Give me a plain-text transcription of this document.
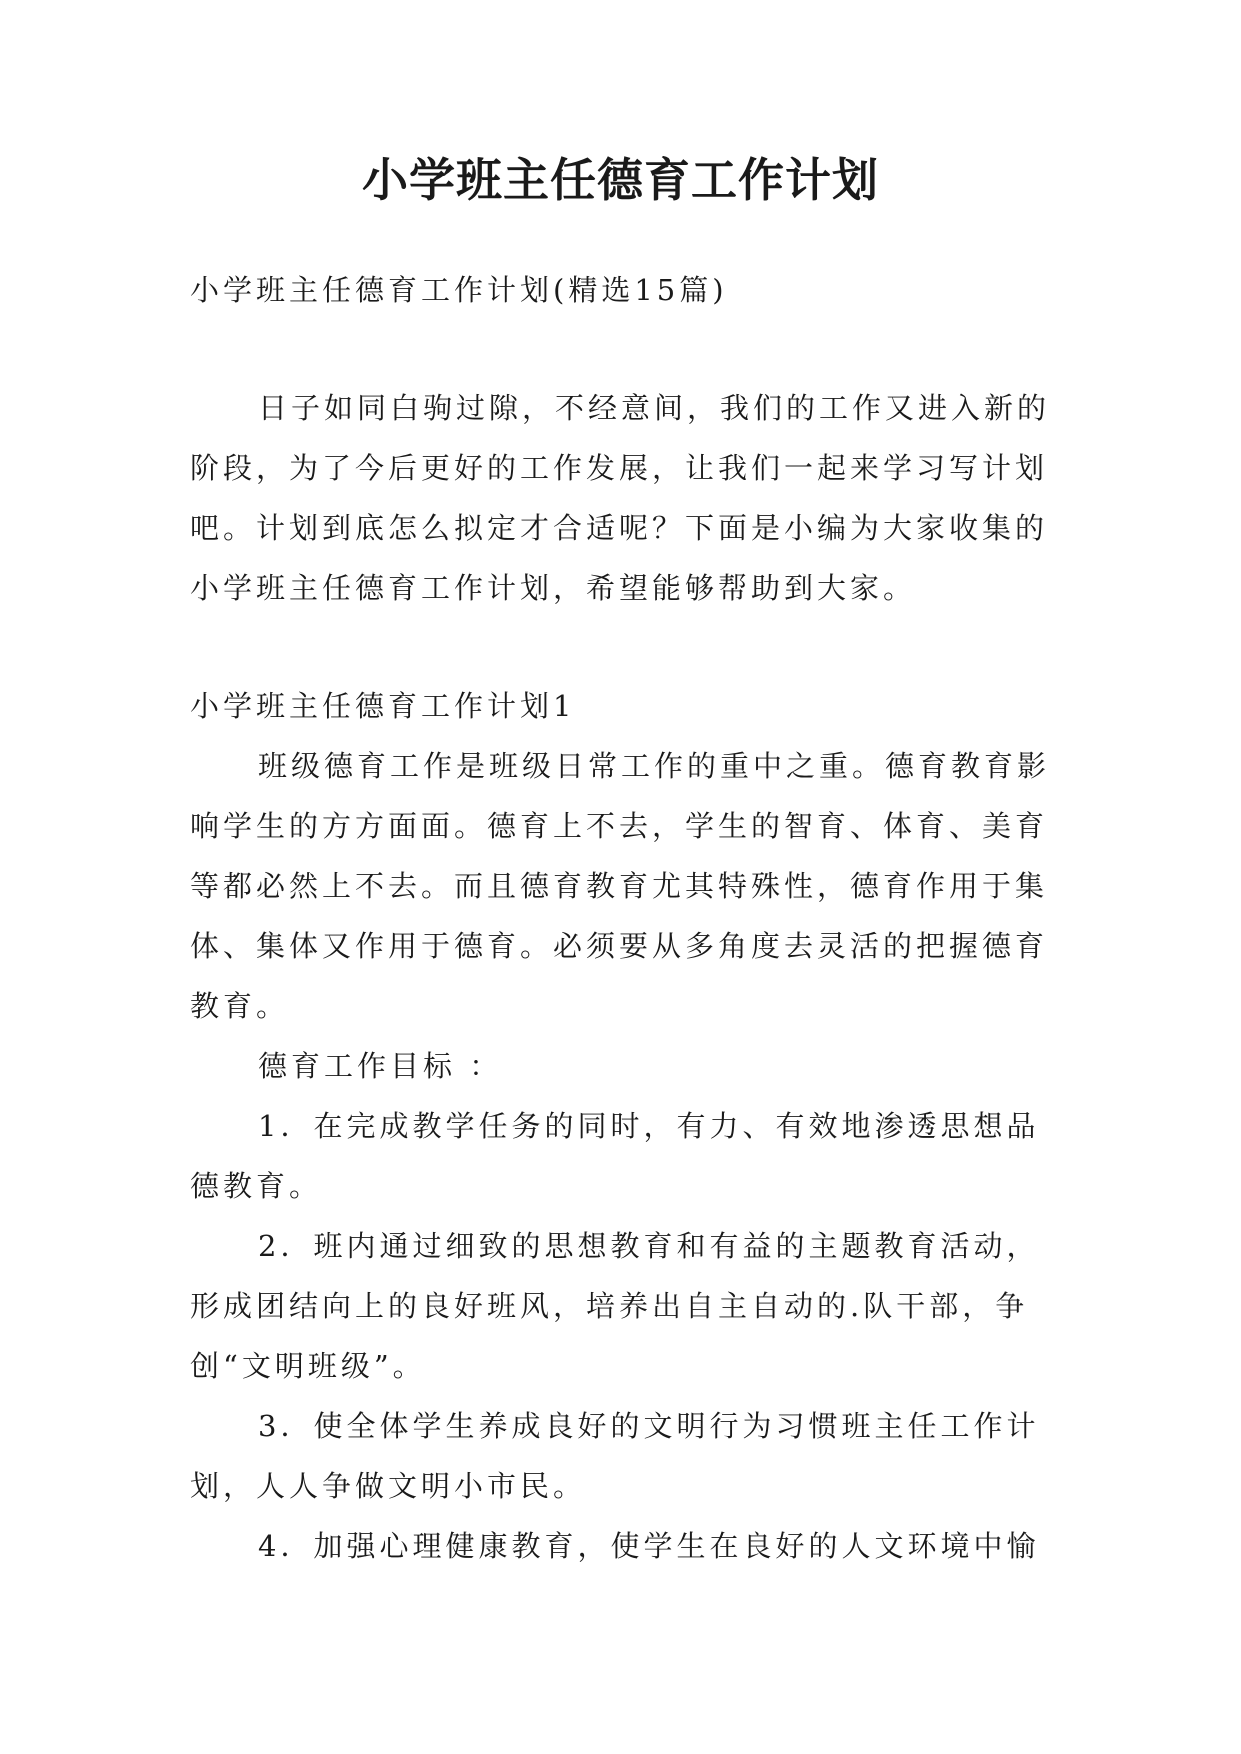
小学班主任德育工作计划

小学班主任德育工作计划(精选15篇)

日子如同白驹过隙，不经意间，我们的工作又进入新的

阶段，为了今后更好的工作发展，让我们一起来学习写计划

吧。计划到底怎么拟定才合适呢？下面是小编为大家收集的

小学班主任德育工作计划，希望能够帮助到大家。

小学班主任德育工作计划1

班级德育工作是班级日常工作的重中之重。德育教育影

响学生的方方面面。德育上不去，学生的智育、体育、美育

等都必然上不去。而且德育教育尤其特殊性，德育作用于集

体、集体又作用于德育。必须要从多角度去灵活的把握德育

教育。

德育工作目标 ：

1．在完成教学任务的同时，有力、有效地渗透思想品

德教育。

2．班内通过细致的思想教育和有益的主题教育活动，

形成团结向上的良好班风，培养出自主自动的.队干部，争

创“文明班级”。

3．使全体学生养成良好的文明行为习惯班主任工作计

划，人人争做文明小市民。

4．加强心理健康教育，使学生在良好的人文环境中愉
